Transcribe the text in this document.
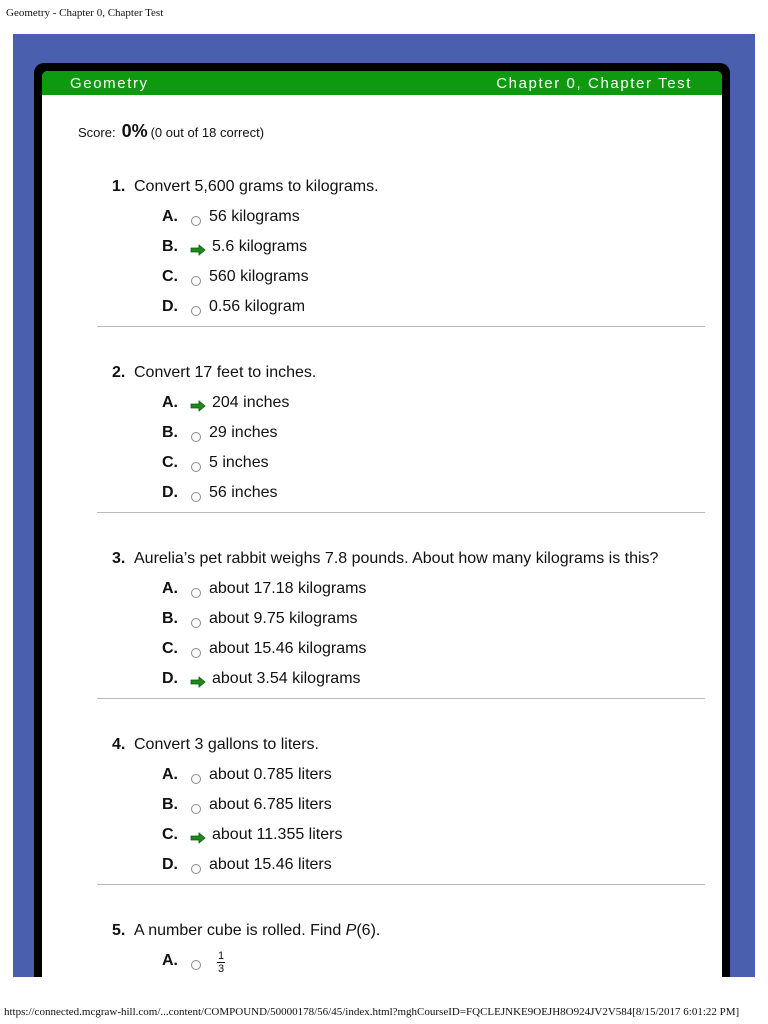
Geometry - Chapter 0, Chapter Test
Geometry	Chapter 0, Chapter Test
Score: 0% (0 out of 18 correct)
1. Convert 5,600 grams to kilograms.
A. 56 kilograms
B. 5.6 kilograms
C. 560 kilograms
D. 0.56 kilogram
2. Convert 17 feet to inches.
A. 204 inches
B. 29 inches
C. 5 inches
D. 56 inches
3. Aurelia’s pet rabbit weighs 7.8 pounds. About how many kilograms is this?
A. about 17.18 kilograms
B. about 9.75 kilograms
C. about 15.46 kilograms
D. about 3.54 kilograms
4. Convert 3 gallons to liters.
A. about 0.785 liters
B. about 6.785 liters
C. about 11.355 liters
D. about 15.46 liters
5. A number cube is rolled. Find P(6).
A.	$\frac{1}{3}$
https://connected.mcgraw-hill.com/...content/COMPOUND/50000178/56/45/index.html?mghCourseID=FQCLEJNKE9OEJH8O924JV2V584[8/15/2017 6:01:22 PM]
